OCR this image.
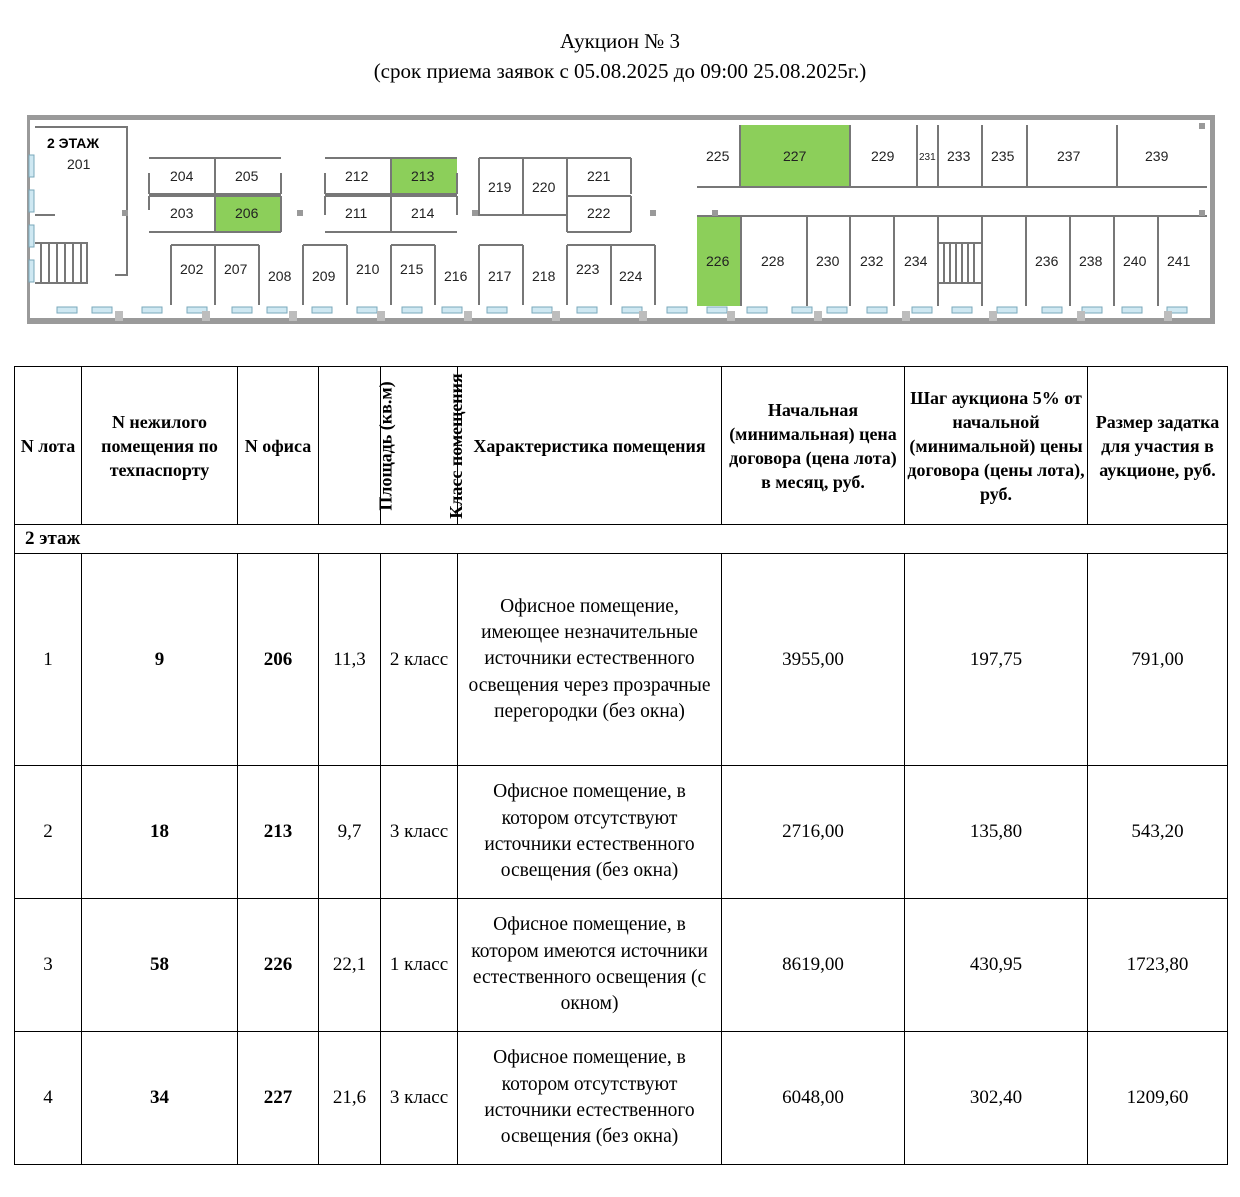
Аукцион № 3
(срок приема заявок с 05.08.2025 до 09:00 25.08.2025г.)
2 ЭТАЖ
201
204	205
203	206
212	213
211	214
219 220
221
222
202 207 208 209 210 215 216 217 218 223 224
225	227	229 231 233 235	237	239
226 228 230 232 234	236 238 240 241
N лота	N нежилого помещения по техпаспорту	N офиса	Площадь (кв.м)	Класс помещения	Характеристика помещения	Начальная (минимальная) цена договора (цена лота) в месяц, руб.	Шаг аукциона 5% от начальной (минимальной) цены договора (цены лота), руб.	Размер задатка для участия в аукционе, руб.
2 этаж								
1	9	206	11,3	2 класс	Офисное помещение, имеющее незначительные источники естественного освещения через прозрачные перегородки (без окна)	3955,00	197,75	791,00
2	18	213	9,7	3 класс	Офисное помещение, в котором отсутствуют источники естественного освещения (без окна)	2716,00	135,80	543,20
3	58	226	22,1	1 класс	Офисное помещение, в котором имеются источники естественного освещения (с окном)	8619,00	430,95	1723,80
4	34	227	21,6	3 класс	Офисное помещение, в котором отсутствуют источники естественного освещения (без окна)	6048,00	302,40	1209,60
